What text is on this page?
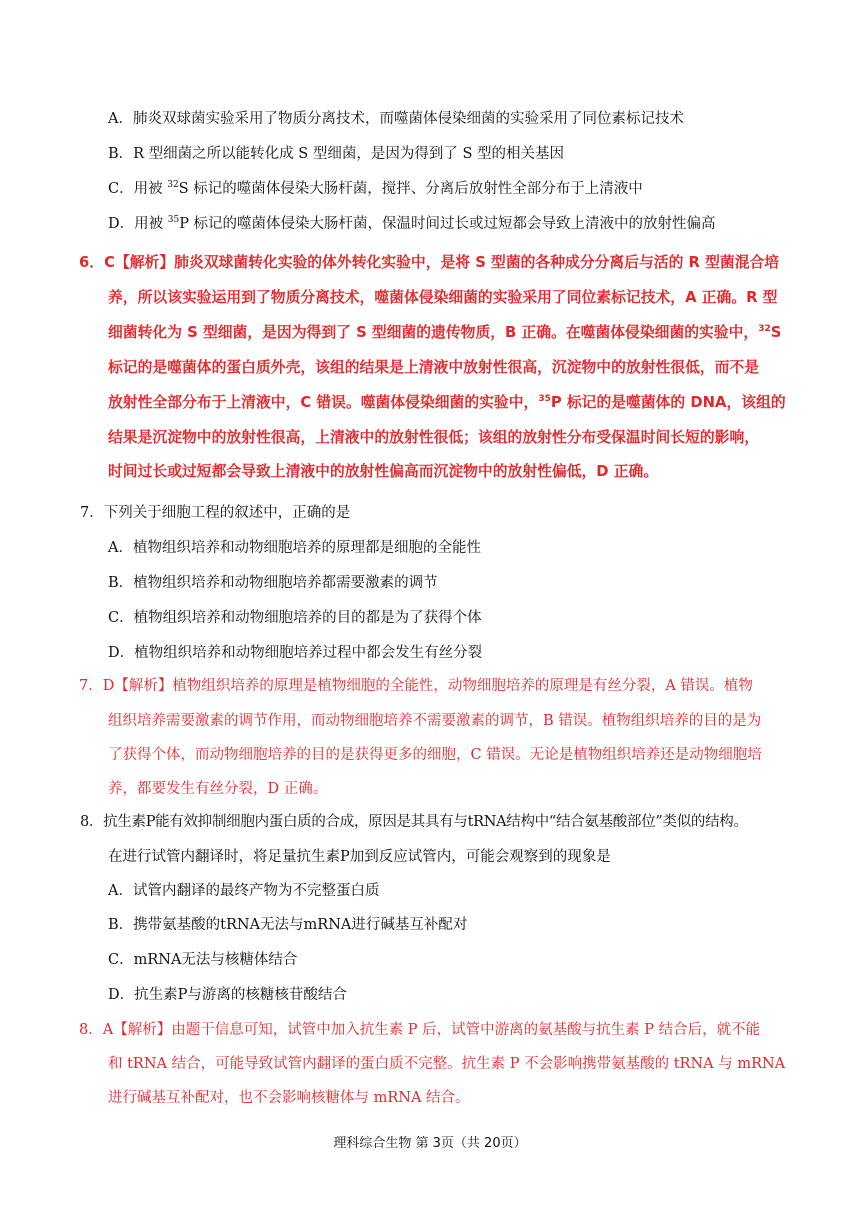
A．肺炎双球菌实验采用了物质分离技术，而噬菌体侵染细菌的实验采用了同位素标记技术
B．R 型细菌之所以能转化成 S 型细菌，是因为得到了 S 型的相关基因
C．用被 $^{32}$S 标记的噬菌体侵染大肠杆菌，搅拌、分离后放射性全部分布于上清液中
D．用被 $^{35}$P 标记的噬菌体侵染大肠杆菌，保温时间过长或过短都会导致上清液中的放射性偏高
6．C【解析】肺炎双球菌转化实验的体外转化实验中，是将 S 型菌的各种成分分离后与活的 R 型菌混合培
养，所以该实验运用到了物质分离技术，噬菌体侵染细菌的实验采用了同位素标记技术，A 正确。R 型
细菌转化为 S 型细菌，是因为得到了 S 型细菌的遗传物质，B 正确。在噬菌体侵染细菌的实验中，$^{32}$S
标记的是噬菌体的蛋白质外壳，该组的结果是上清液中放射性很高，沉淀物中的放射性很低，而不是
放射性全部分布于上清液中，C 错误。噬菌体侵染细菌的实验中，$^{35}$P 标记的是噬菌体的 DNA，该组的
结果是沉淀物中的放射性很高，上清液中的放射性很低；该组的放射性分布受保温时间长短的影响，
时间过长或过短都会导致上清液中的放射性偏高而沉淀物中的放射性偏低，D 正确。
7．下列关于细胞工程的叙述中，正确的是
A．植物组织培养和动物细胞培养的原理都是细胞的全能性
B．植物组织培养和动物细胞培养都需要激素的调节
C．植物组织培养和动物细胞培养的目的都是为了获得个体
D．植物组织培养和动物细胞培养过程中都会发生有丝分裂
7．D【解析】植物组织培养的原理是植物细胞的全能性，动物细胞培养的原理是有丝分裂，A 错误。植物
组织培养需要激素的调节作用，而动物细胞培养不需要激素的调节，B 错误。植物组织培养的目的是为
了获得个体，而动物细胞培养的目的是获得更多的细胞，C 错误。无论是植物组织培养还是动物细胞培
养，都要发生有丝分裂，D 正确。
8．抗生素P能有效抑制细胞内蛋白质的合成，原因是其具有与tRNA结构中“结合氨基酸部位”类似的结构。
在进行试管内翻译时，将足量抗生素P加到反应试管内，可能会观察到的现象是
A．试管内翻译的最终产物为不完整蛋白质
B．携带氨基酸的tRNA无法与mRNA进行碱基互补配对
C．mRNA无法与核糖体结合
D．抗生素P与游离的核糖核苷酸结合
8．A【解析】由题干信息可知，试管中加入抗生素 P 后，试管中游离的氨基酸与抗生素 P 结合后，就不能
和 tRNA 结合，可能导致试管内翻译的蛋白质不完整。抗生素 P 不会影响携带氨基酸的 tRNA 与 mRNA
进行碱基互补配对，也不会影响核糖体与 mRNA 结合。
理科综合生物 第 3页（共 20页）
